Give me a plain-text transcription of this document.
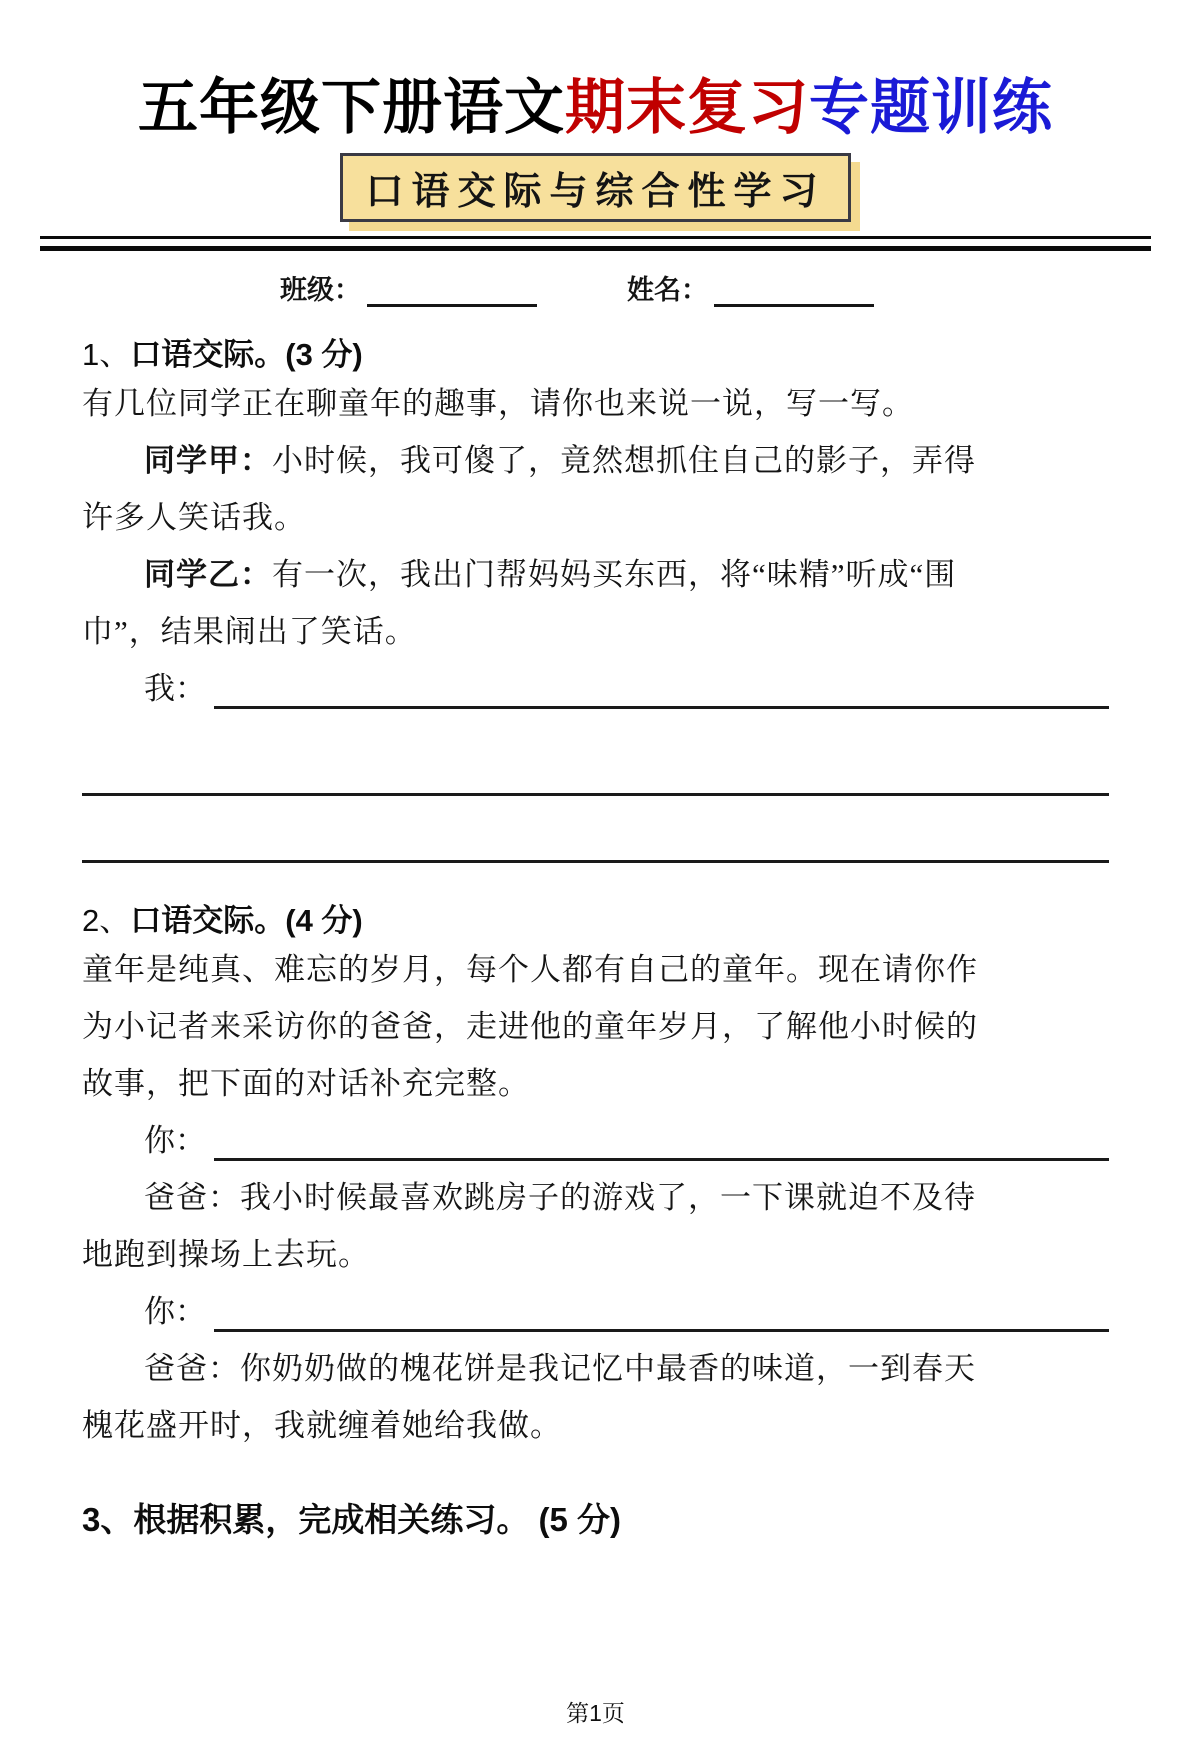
五年级下册语文期末复习专题训练
口语交际与综合性学习
班级：	姓名：
1、口语交际。(3 分)
有几位同学正在聊童年的趣事，请你也来说一说，写一写。
同学甲：小时候，我可傻了，竟然想抓住自己的影子，弄得
许多人笑话我。
同学乙：有一次，我出门帮妈妈买东西，将“味精”听成“围
巾”，结果闹出了笑话。
我：
2、口语交际。(4 分)
童年是纯真、难忘的岁月，每个人都有自己的童年。现在请你作
为小记者来采访你的爸爸，走进他的童年岁月，了解他小时候的
故事，把下面的对话补充完整。
你：
爸爸：我小时候最喜欢跳房子的游戏了，一下课就迫不及待
地跑到操场上去玩。
你：
爸爸：你奶奶做的槐花饼是我记忆中最香的味道，一到春天
槐花盛开时，我就缠着她给我做。
3、根据积累，完成相关练习。 (5 分)
第1页
